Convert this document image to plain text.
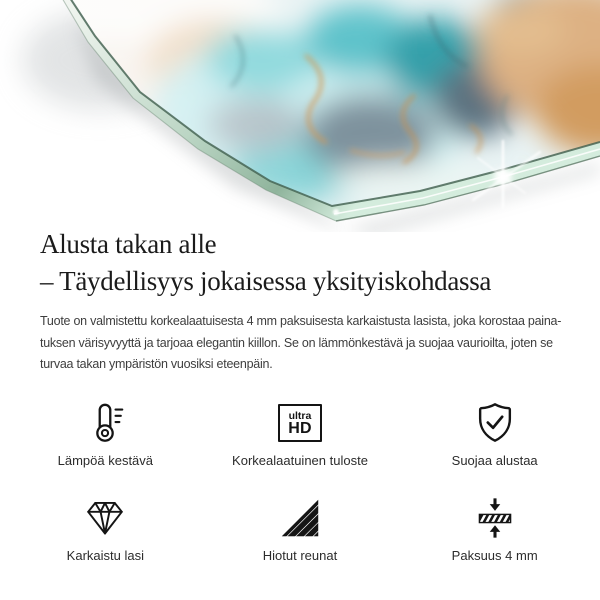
Alusta takan alle
– Täydellisyys jokaisessa yksityiskohdassa

Tuote on valmistettu korkealaatuisesta 4 mm paksuisesta karkaistusta lasista, joka korostaa paina-
tuksen värisyvyyttä ja tarjoaa elegantin kiillon. Se on lämmönkestävä ja suojaa vaurioilta, joten se
turvaa takan ympäristön vuosiksi eteenpäin.

Lämpöä kestävä
ultra
HD
Korkealaatuinen tuloste	Suojaa alustaa
Karkaistu lasi	Hiotut reunat	Paksuus 4 mm
